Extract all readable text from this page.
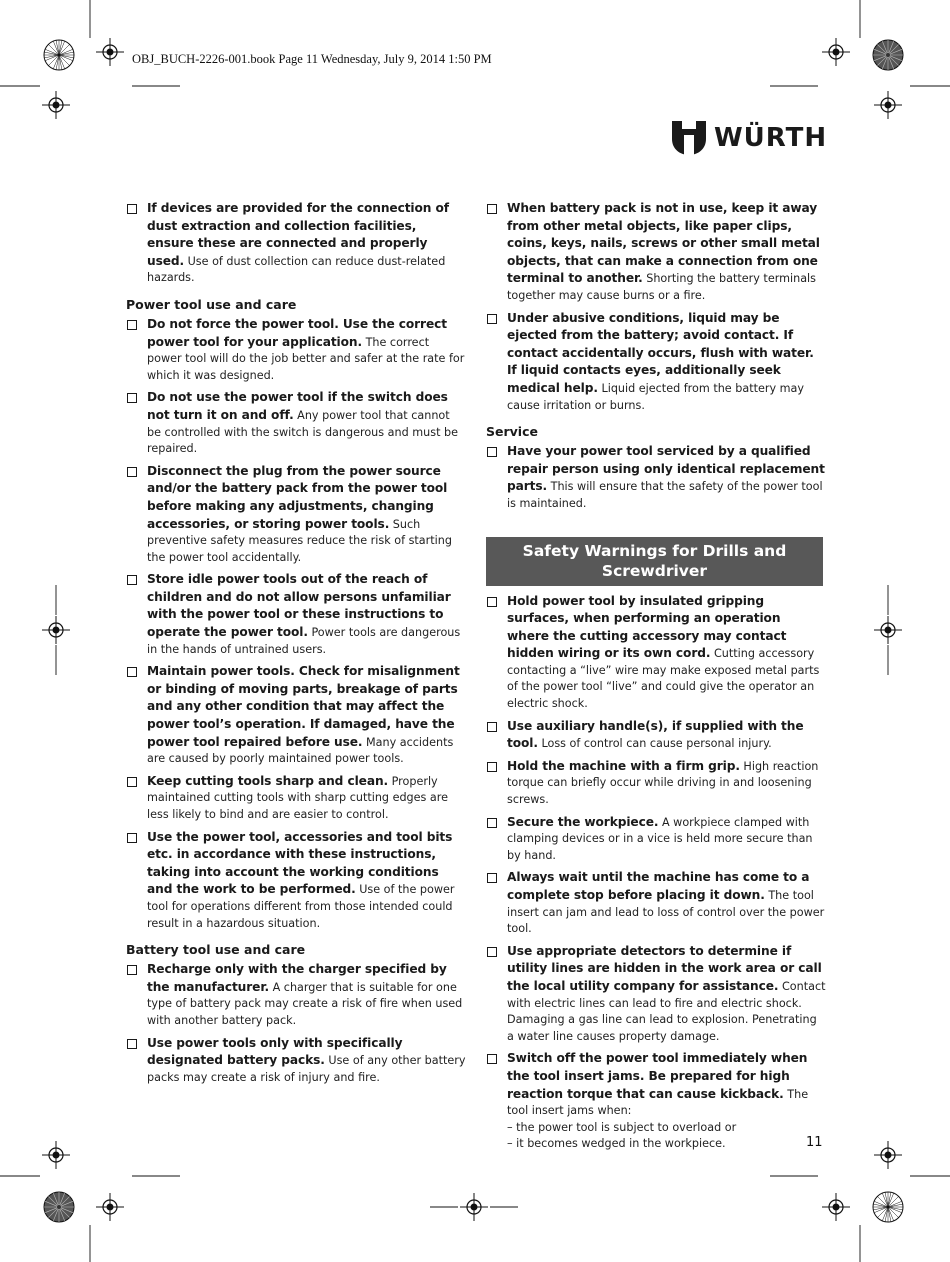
OBJ_BUCH-2226-001.book Page 11 Wednesday, July 9, 2014 1:50 PM
WÜRTH
If devices are provided for the connection of dust extraction and collection facilities, ensure these are connected and properly used. Use of dust collection can reduce dust-related hazards.
Power tool use and care
Do not force the power tool. Use the correct power tool for your application. The correct power tool will do the job better and safer at the rate for which it was designed.
Do not use the power tool if the switch does not turn it on and off. Any power tool that cannot be controlled with the switch is dangerous and must be repaired.
Disconnect the plug from the power source and/or the battery pack from the power tool before making any adjustments, changing accessories, or storing power tools. Such preventive safety measures reduce the risk of starting the power tool accidentally.
Store idle power tools out of the reach of children and do not allow persons unfamiliar with the power tool or these instructions to operate the power tool. Power tools are dangerous in the hands of untrained users.
Maintain power tools. Check for misalignment or binding of moving parts, breakage of parts and any other condition that may affect the power tool’s operation. If damaged, have the power tool repaired before use. Many accidents are caused by poorly maintained power tools.
Keep cutting tools sharp and clean. Properly maintained cutting tools with sharp cutting edges are less likely to bind and are easier to control.
Use the power tool, accessories and tool bits etc. in accordance with these instructions, taking into account the working conditions and the work to be performed. Use of the power tool for operations different from those intended could result in a hazardous situation.
Battery tool use and care
Recharge only with the charger specified by the manufacturer. A charger that is suitable for one type of battery pack may create a risk of fire when used with another battery pack.
Use power tools only with specifically designated battery packs. Use of any other battery packs may create a risk of injury and fire.
When battery pack is not in use, keep it away from other metal objects, like paper clips, coins, keys, nails, screws or other small metal objects, that can make a connection from one terminal to another. Shorting the battery terminals together may cause burns or a fire.
Under abusive conditions, liquid may be ejected from the battery; avoid contact. If contact accidentally occurs, flush with water. If liquid contacts eyes, additionally seek medical help. Liquid ejected from the battery may cause irritation or burns.
Service
Have your power tool serviced by a qualified repair person using only identical replacement parts. This will ensure that the safety of the power tool is maintained.
Safety Warnings for Drills and Screwdriver
Hold power tool by insulated gripping surfaces, when performing an operation where the cutting accessory may contact hidden wiring or its own cord. Cutting accessory contacting a “live” wire may make exposed metal parts of the power tool “live” and could give the operator an electric shock.
Use auxiliary handle(s), if supplied with the tool. Loss of control can cause personal injury.
Hold the machine with a firm grip. High reaction torque can briefly occur while driving in and loosening screws.
Secure the workpiece. A workpiece clamped with clamping devices or in a vice is held more secure than by hand.
Always wait until the machine has come to a complete stop before placing it down. The tool insert can jam and lead to loss of control over the power tool.
Use appropriate detectors to determine if utility lines are hidden in the work area or call the local utility company for assistance. Contact with electric lines can lead to fire and electric shock. Damaging a gas line can lead to explosion. Penetrating a water line causes property damage.
Switch off the power tool immediately when the tool insert jams. Be prepared for high reaction torque that can cause kickback. The tool insert jams when:
– the power tool is subject to overload or
– it becomes wedged in the workpiece.	11
